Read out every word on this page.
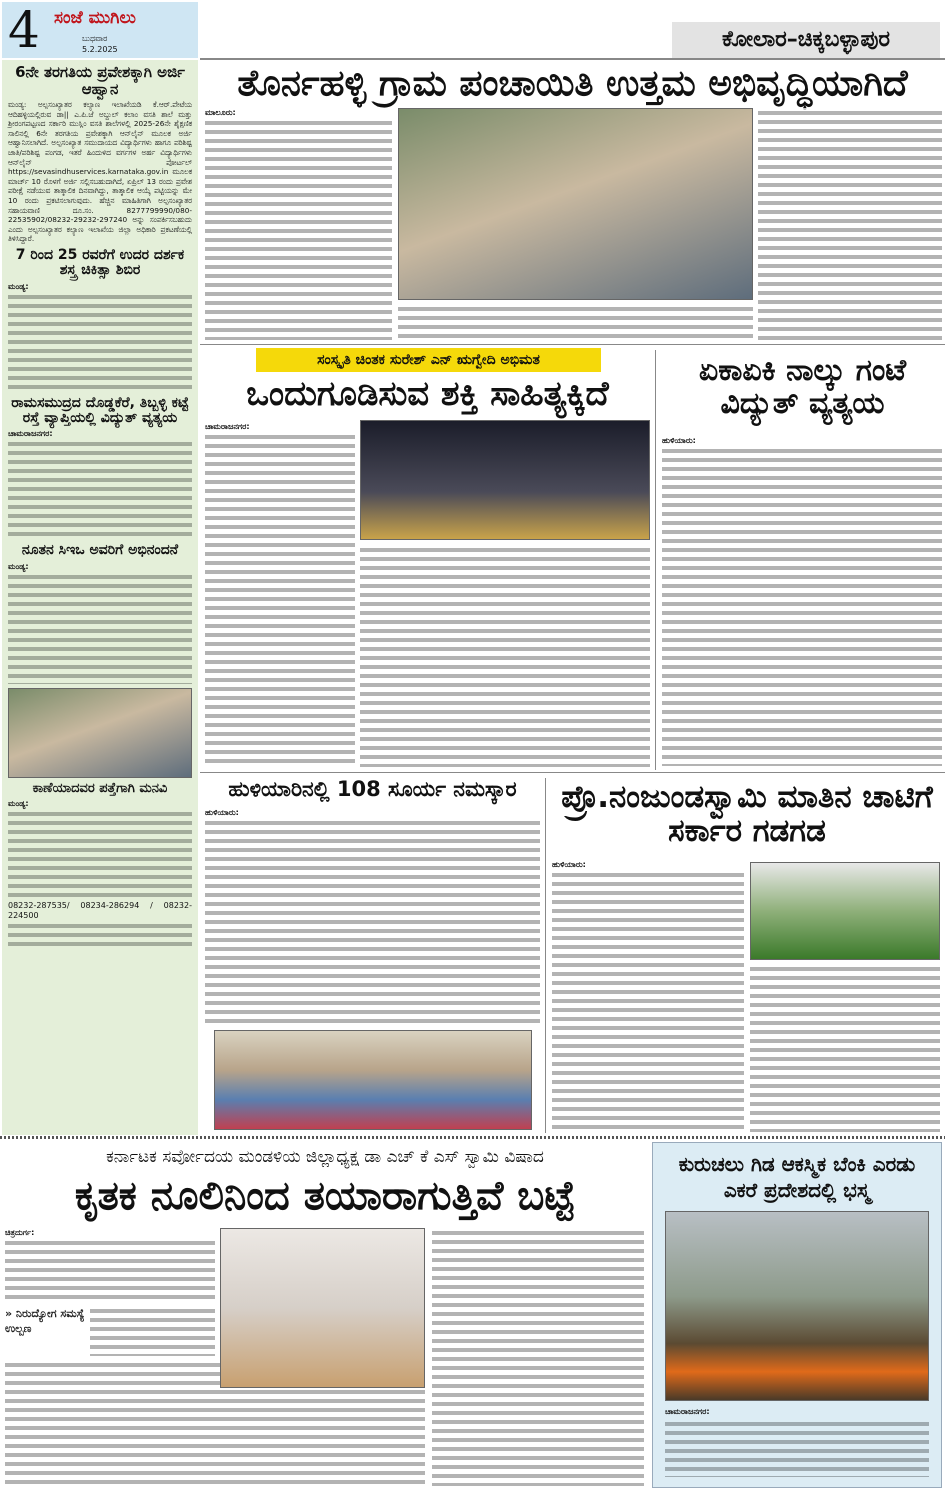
4 ಸಂಜೆ ಮುಗಿಲು
ಬುಧವಾರ
5.2.2025	ಕೋಲಾರ–ಚಿಕ್ಕಬಳ್ಳಾಪುರ
6ನೇ ತರಗತಿಯ ಪ್ರವೇಶಕ್ಕಾಗಿ ಅರ್ಜಿ ಆಹ್ವಾನ
ಮಂಡ್ಯ: ಅಲ್ಪಸಂಖ್ಯಾತರ ಕಲ್ಯಾಣ ಇಲಾಖೆಯಡಿ ಕೆ.ಆರ್.ಪೇಟೆಯ ಆದಿಹಳ್ಳಿಯಲ್ಲಿರುವ ಡಾ|| ಎ.ಪಿ.ಜೆ ಅಬ್ದುಲ್ ಕಲಾಂ ವಸತಿ ಶಾಲೆ ಮತ್ತು ಶ್ರೀರಂಗಪಟ್ಟಣದ ಸರ್ಕಾರಿ ಮುಸ್ಲಿಂ ವಸತಿ ಶಾಲೆಗಳಲ್ಲಿ 2025-26ನೇ ಶೈಕ್ಷಣಿಕ ಸಾಲಿನಲ್ಲಿ 6ನೇ ತರಗತಿಯ ಪ್ರವೇಶಕ್ಕಾಗಿ ಆನ್‌ಲೈನ್ ಮೂಲಕ ಅರ್ಜಿ ಆಹ್ವಾನಿಸಲಾಗಿದೆ. ಅಲ್ಪಸಂಖ್ಯಾತ ಸಮುದಾಯದ ವಿದ್ಯಾರ್ಥಿಗಳು ಹಾಗೂ ಪರಿಶಿಷ್ಟ ಜಾತಿ/ಪರಿಶಿಷ್ಟ ಪಂಗಡ, ಇತರೆ ಹಿಂದುಳಿದ ವರ್ಗಗಳ ಅರ್ಹ ವಿದ್ಯಾರ್ಥಿಗಳು ಆನ್‌ಲೈನ್ ಪೋರ್ಟಲ್ https://sevasindhuservices.karnataka.gov.in ಮೂಲಕ ಮಾರ್ಚ್ 10 ರೊಳಗೆ ಅರ್ಜಿ ಸಲ್ಲಿಸಬಹುದಾಗಿದೆ, ಏಪ್ರಿಲ್ 13 ರಂದು ಪ್ರವೇಶ ಪರೀಕ್ಷೆ ನಡೆಯುವ ತಾತ್ಕಾಲಿಕ ದಿನವಾಗಿದ್ದು, ತಾತ್ಕಾಲಿಕ ಆಯ್ಕೆ ಪಟ್ಟಿಯನ್ನು ಮೇ 10 ರಂದು ಪ್ರಕಟಿಸಲಾಗುವುದು. ಹೆಚ್ಚಿನ ಮಾಹಿತಿಗಾಗಿ ಅಲ್ಪಸಂಖ್ಯಾತರ ಸಹಾಯವಾಣಿ ದೂ.ಸಂ. 8277799990/080-22535902/08232-29232-297240 ಅನ್ನು ಸಂಪರ್ಕಿಸಬಹುದು ಎಂದು ಅಲ್ಪಸಂಖ್ಯಾತರ ಕಲ್ಯಾಣ ಇಲಾಖೆಯ ಜಿಲ್ಲಾ ಅಧಿಕಾರಿ ಪ್ರಕಟಣೆಯಲ್ಲಿ ತಿಳಿಸಿದ್ದಾರೆ.
7 ರಿಂದ 25 ರವರೆಗೆ ಉದರ ದರ್ಶಕ ಶಸ್ತ್ರ ಚಿಕಿತ್ಸಾ ಶಿಬಿರ
ಮಂಡ್ಯ:
ರಾಮಸಮುದ್ರದ ದೊಡ್ಡಕೆರೆ, ತಿಬ್ಬಳ್ಳಿ ಕಟ್ಟೆ ರಸ್ತೆ ವ್ಯಾಪ್ತಿಯಲ್ಲಿ ವಿದ್ಯುತ್ ವ್ಯತ್ಯಯ
ಚಾಮರಾಜನಗರ:
ನೂತನ ಸಿಇಒ ಅವರಿಗೆ ಅಭಿನಂದನೆ
ಮಂಡ್ಯ:
ಕಾಣೆಯಾದವರ ಪತ್ತೆಗಾಗಿ ಮನವಿ
ಮಂಡ್ಯ:
08232-287535/ 08234-286294 / 08232-224500
ತೊರ್ನಹಳ್ಳಿ ಗ್ರಾಮ ಪಂಚಾಯಿತಿ ಉತ್ತಮ ಅಭಿವೃದ್ಧಿಯಾಗಿದೆ
ಮಾಲೂರು:
ಸಂಸ್ಕೃತಿ ಚಿಂತಕ ಸುರೇಶ್ ಎನ್ ಋಗ್ವೇದಿ ಅಭಿಮತ
ಒಂದುಗೂಡಿಸುವ ಶಕ್ತಿ ಸಾಹಿತ್ಯಕ್ಕಿದೆ
ಚಾಮರಾಜನಗರ:
ಏಕಾಏಕಿ ನಾಲ್ಕು ಗಂಟೆ ವಿದ್ಯುತ್ ವ್ಯತ್ಯಯ
ಹುಳಿಯಾರು:
ಹುಳಿಯಾರಿನಲ್ಲಿ 108 ಸೂರ್ಯ ನಮಸ್ಕಾರ
ಹುಳಿಯಾರು:	ಪ್ರೊ.ನಂಜುಂಡಸ್ವಾಮಿ ಮಾತಿನ ಚಾಟಿಗೆ ಸರ್ಕಾರ ಗಡಗಡ
ಹುಳಿಯಾರು:
ಕರ್ನಾಟಕ ಸರ್ವೋದಯ ಮಂಡಳಿಯ ಜಿಲ್ಲಾಧ್ಯಕ್ಷ ಡಾ ಎಚ್ ಕೆ ಎಸ್ ಸ್ವಾಮಿ ವಿಷಾದ
ಕೃತಕ ನೂಲಿನಿಂದ ತಯಾರಾಗುತ್ತಿವೆ ಬಟ್ಟೆ
ಚಿತ್ರದುರ್ಗ:
» ನಿರುದ್ಯೋಗ ಸಮಸ್ಯೆ ಉಲ್ಬಣ
ಕುರುಚಲು ಗಿಡ ಆಕಸ್ಮಿಕ ಬೆಂಕಿ ಎರಡು ಎಕರೆ ಪ್ರದೇಶದಲ್ಲಿ ಭಸ್ಮ
ಚಾಮರಾಜನಗರ:
